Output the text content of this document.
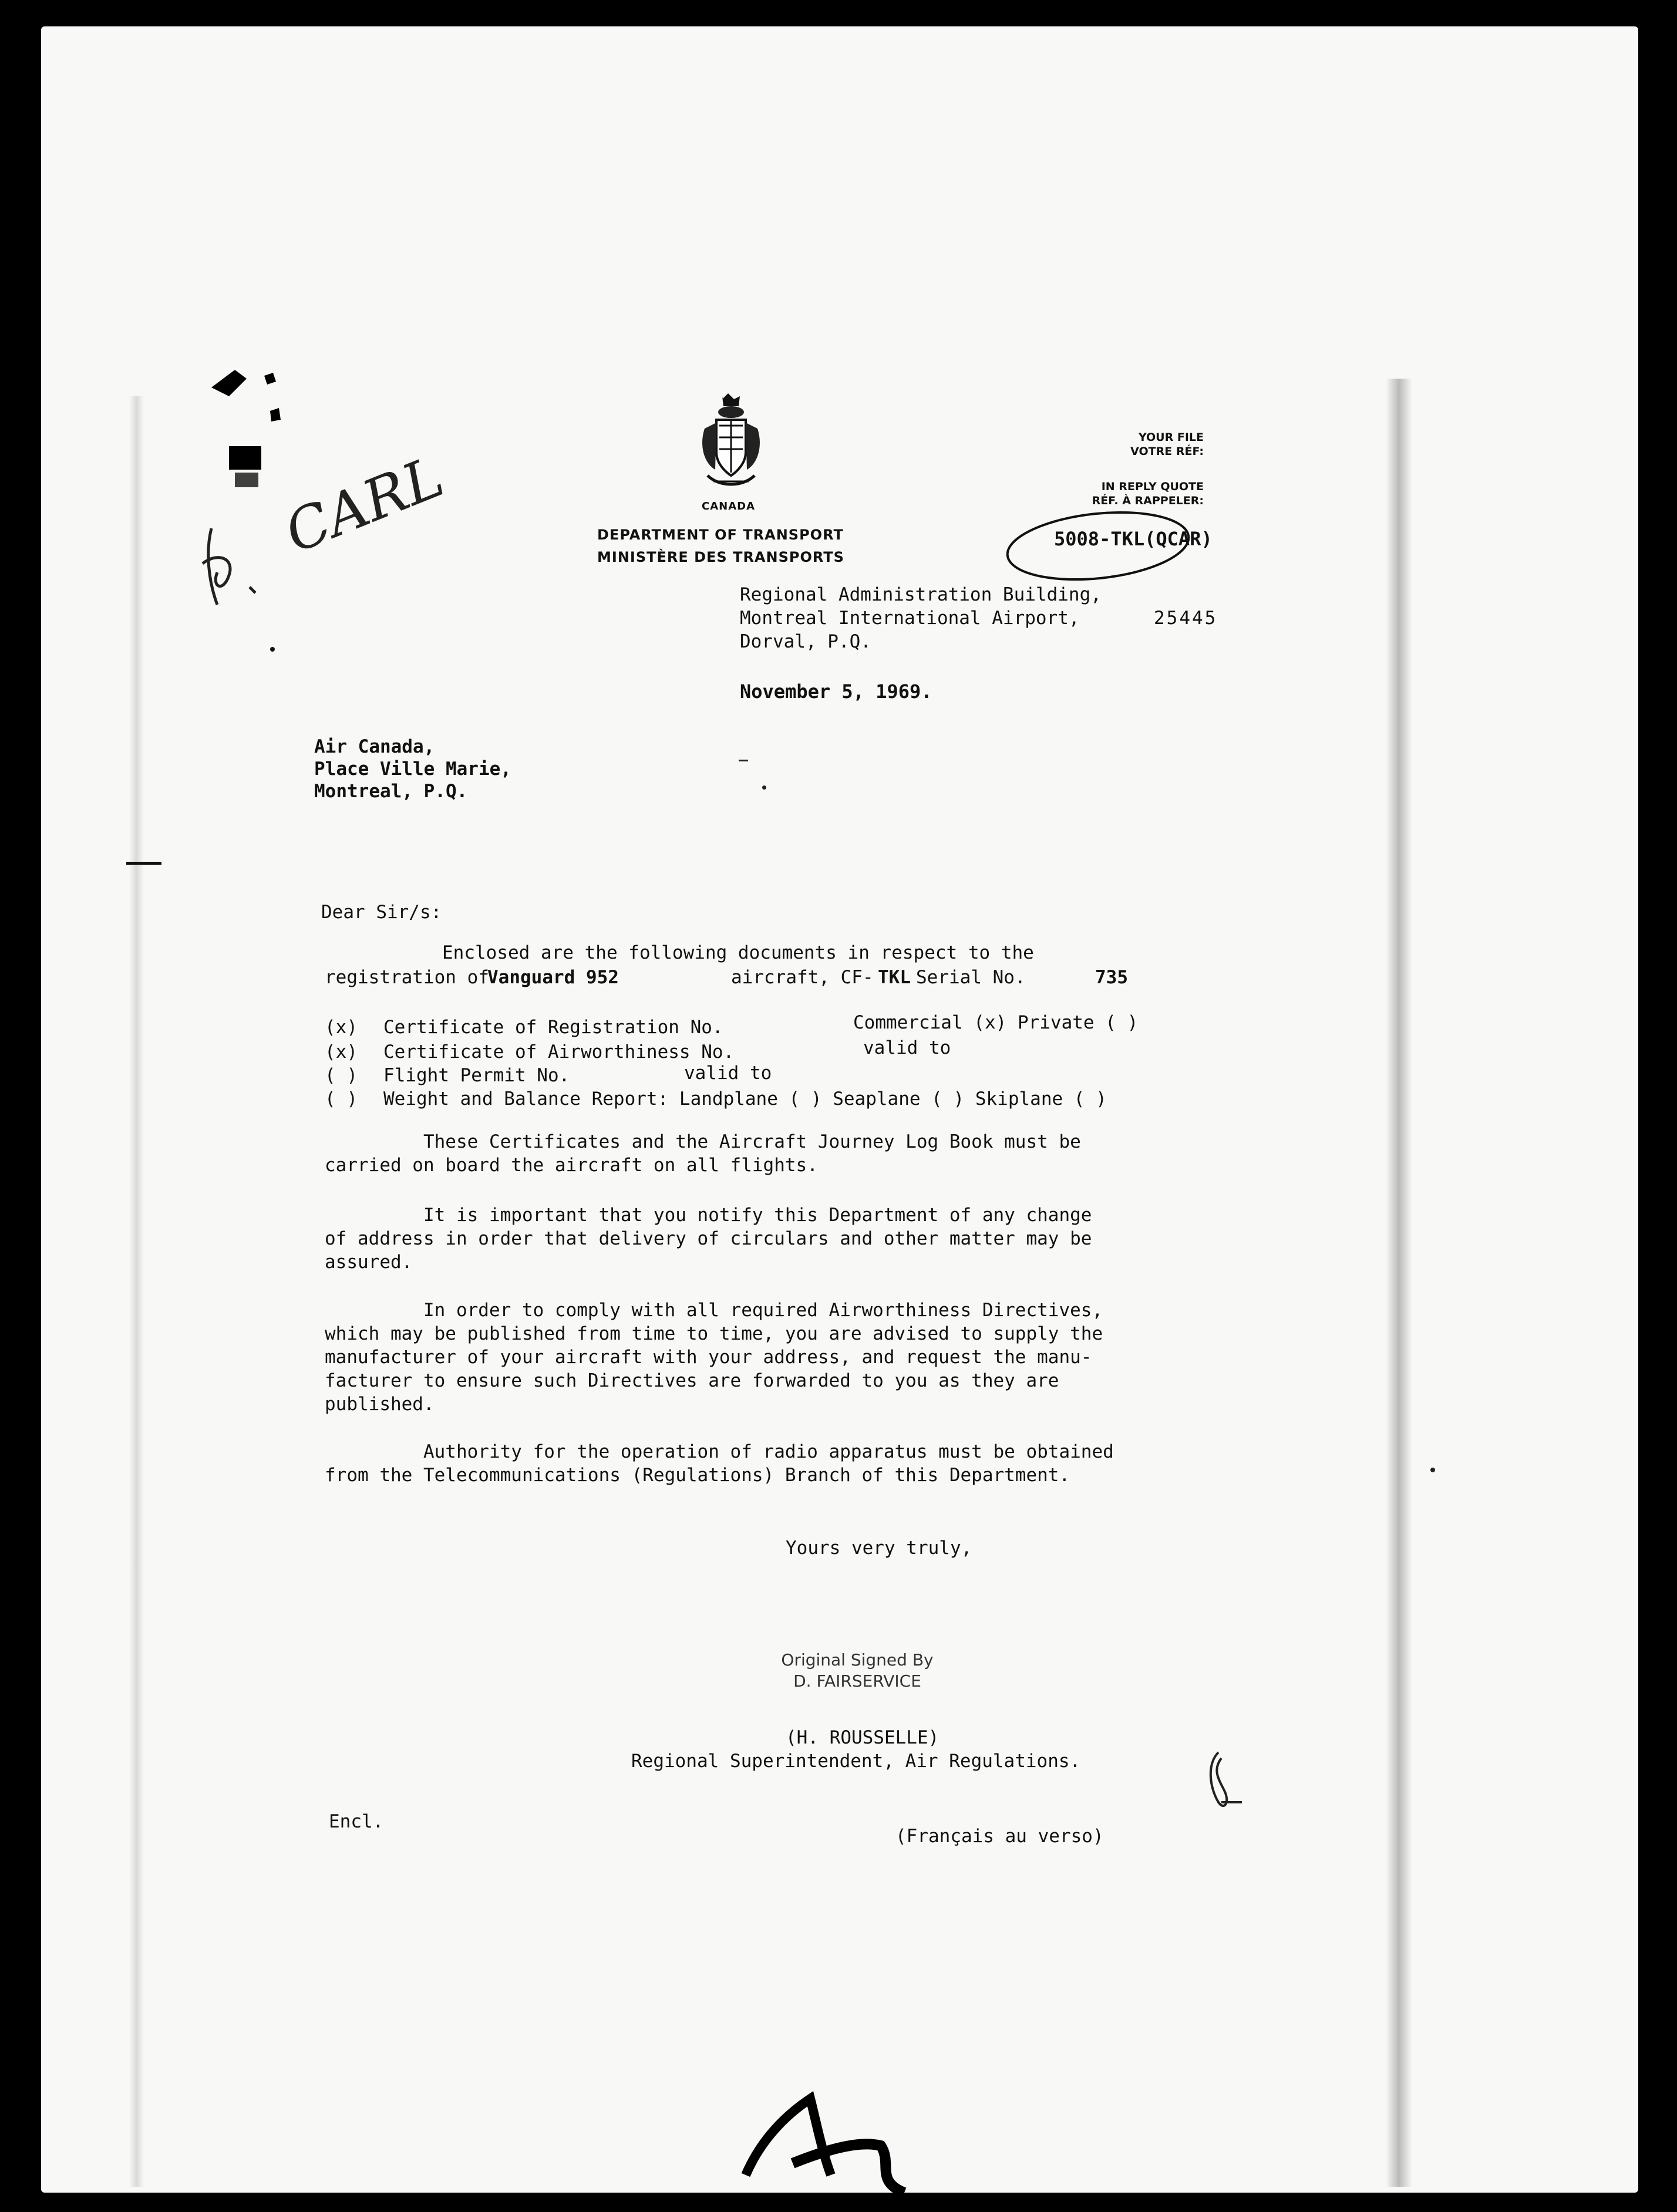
CARL	CANADA
DEPARTMENT OF TRANSPORT
MINISTÈRE DES TRANSPORTS
YOUR FILE
VOTRE RÉF:
IN REPLY QUOTE
RÉF. À RAPPELER:
5008-TKL(QCAR)
25445
Regional Administration Building,
Montreal International Airport,
Dorval, P.Q.
November 5, 1969.
Air Canada,
Place Ville Marie,
Montreal, P.Q.
Dear Sir/s:
Enclosed are the following documents in respect to the
registration of
Vanguard 952	aircraft, CF- TKL Serial No.	735
(x) Certificate of Registration No.	Commercial (x) Private ( )
(x) Certificate of Airworthiness No.	valid to
( ) Flight Permit No.	valid to
( ) Weight and Balance Report: Landplane ( ) Seaplane ( ) Skiplane ( )
These Certificates and the Aircraft Journey Log Book must be
carried on board the aircraft on all flights.
It is important that you notify this Department of any change
of address in order that delivery of circulars and other matter may be
assured.
In order to comply with all required Airworthiness Directives,
which may be published from time to time, you are advised to supply the
manufacturer of your aircraft with your address, and request the manu-
facturer to ensure such Directives are forwarded to you as they are
published.
Authority for the operation of radio apparatus must be obtained
from the Telecommunications (Regulations) Branch of this Department.
Yours very truly,
Original Signed By
D. FAIRSERVICE
(H. ROUSSELLE)
Regional Superintendent, Air Regulations.
Encl.
(Français au verso)
